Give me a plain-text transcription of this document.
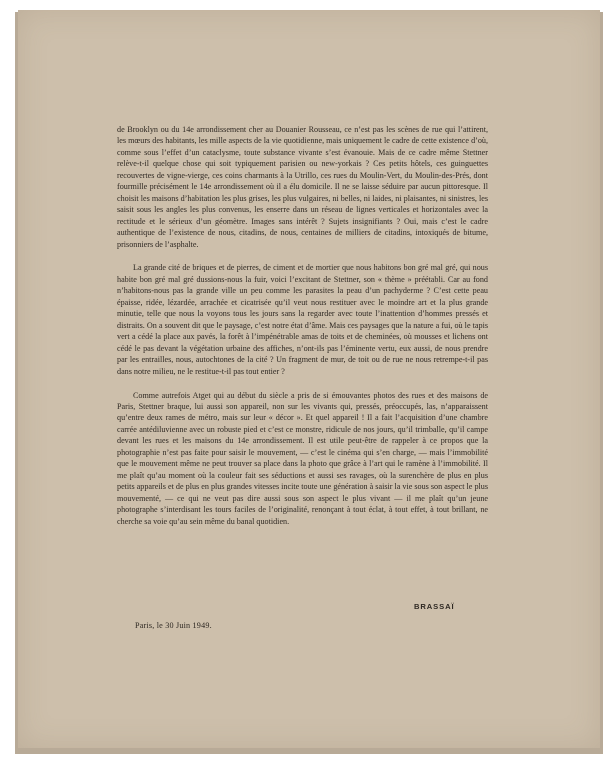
de Brooklyn ou du 14e arrondissement cher au Douanier Rousseau, ce n’est pas les scènes de rue qui l’attirent, les mœurs des habitants, les mille aspects de la vie quotidienne, mais uniquement le cadre de cette existence d’où, comme sous l’effet d’un cataclysme, toute substance vivante s’est évanouie. Mais de ce cadre même Stettner relève-t-il quelque chose qui soit typiquement parisien ou new-yorkais ? Ces petits hôtels, ces guinguettes recouvertes de vigne-vierge, ces coins charmants à la Utrillo, ces rues du Moulin-Vert, du Moulin-des-Prés, dont fourmille précisément le 14e arrondissement où il a élu domicile. Il ne se laisse séduire par aucun pittoresque. Il choisit les maisons d’habitation les plus grises, les plus vulgaires, ni belles, ni laides, ni plaisantes, ni sinistres, les saisit sous les angles les plus convenus, les enserre dans un réseau de lignes verticales et horizontales avec la rectitude et le sérieux d’un géomètre. Images sans intérêt ? Sujets insignifiants ? Oui, mais c’est le cadre authentique de l’existence de nous, citadins, de nous, centaines de milliers de citadins, intoxiqués de bitume, prisonniers de l’asphalte.

La grande cité de briques et de pierres, de ciment et de mortier que nous habitons bon gré mal gré, qui nous habite bon gré mal gré dussions-nous la fuir, voici l’excitant de Stettner, son « thème » préétabli. Car au fond n’habitons-nous pas la grande ville un peu comme les parasites la peau d’un pachyderme ? C’est cette peau épaisse, ridée, lézardée, arrachée et cicatrisée qu’il veut nous restituer avec le moindre art et la plus grande minutie, telle que nous la voyons tous les jours sans la regarder avec toute l’inattention d’hommes pressés et distraits. On a souvent dit que le paysage, c’est notre état d’âme. Mais ces paysages que la nature a fui, où le tapis vert a cédé la place aux pavés, la forêt à l’impénétrable amas de toits et de cheminées, où mousses et lichens ont cédé le pas devant la végétation urbaine des affiches, n’ont-ils pas l’éminente vertu, eux aussi, de nous prendre par les entrailles, nous, autochtones de la cité ? Un fragment de mur, de toit ou de rue ne nous retrempe-t-il pas dans notre milieu, ne le restitue-t-il pas tout entier ?

Comme autrefois Atget qui au début du siècle a pris de si émouvantes photos des rues et des maisons de Paris, Stettner braque, lui aussi son appareil, non sur les vivants qui, pressés, préoccupés, las, n’apparaissent qu’entre deux rames de métro, mais sur leur « décor ». Et quel appareil ! Il a fait l’acquisition d’une chambre carrée antédiluvienne avec un robuste pied et c’est ce monstre, ridicule de nos jours, qu’il trimballe, qu’il campe devant les rues et les maisons du 14e arrondissement. Il est utile peut-être de rappeler à ce propos que la photographie n’est pas faite pour saisir le mouvement, — c’est le cinéma qui s’en charge, — mais l’immobilité que le mouvement même ne peut trouver sa place dans la photo que grâce à l’art qui le ramène à l’immobilité. Il me plaît qu’au moment où la couleur fait ses séductions et aussi ses ravages, où la surenchère de plus en plus petits appareils et de plus en plus grandes vitesses incite toute une génération à saisir la vie sous son aspect le plus mouvementé, — ce qui ne veut pas dire aussi sous son aspect le plus vivant — il me plaît qu’un jeune photographe s’interdisant les tours faciles de l’originalité, renonçant à tout éclat, à tout effet, à tout brillant, ne cherche sa voie qu’au sein même du banal quotidien.

BRASSAÏ
Paris, le 30 Juin 1949.
